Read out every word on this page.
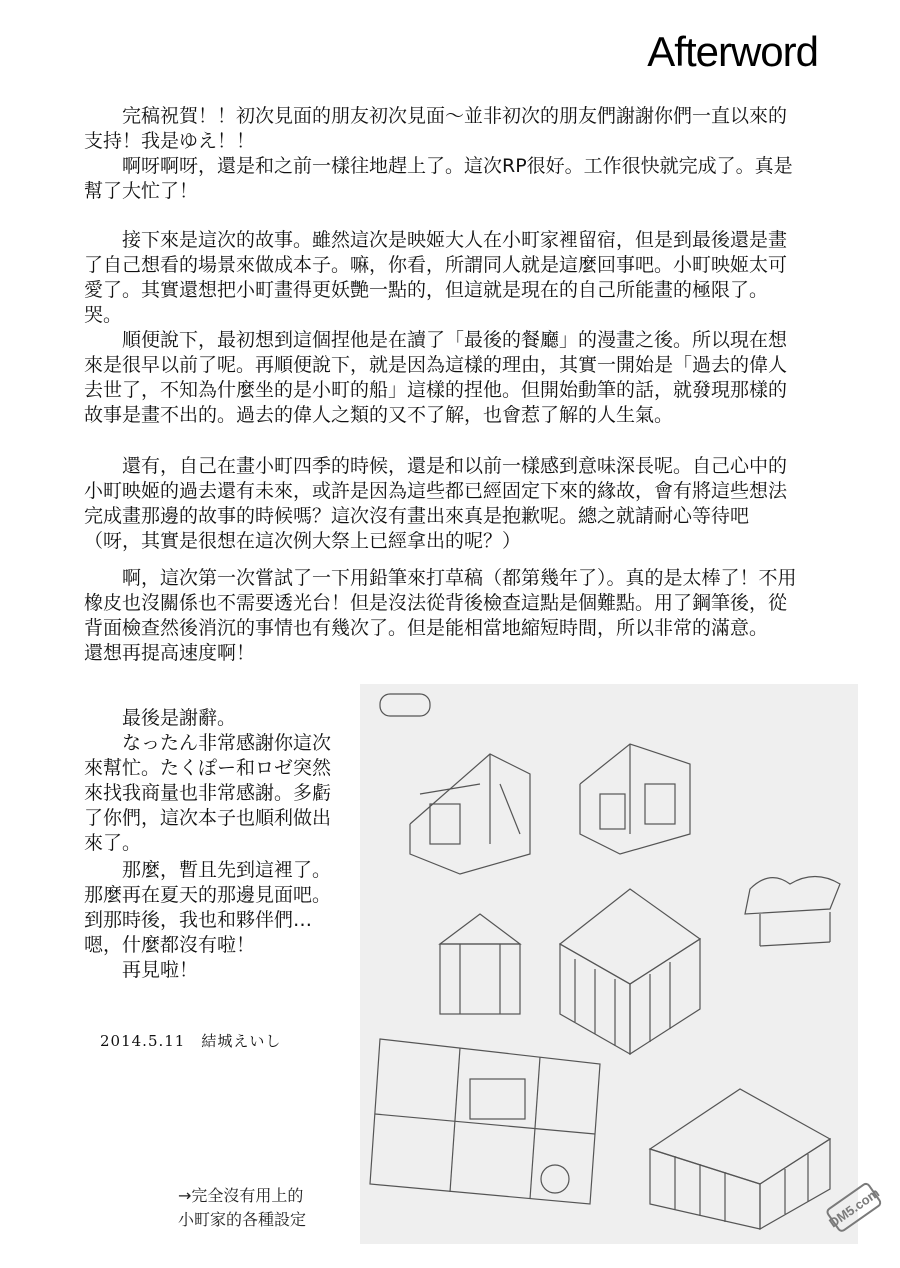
Afterword

　　完稿祝賀！！初次見面的朋友初次見面～並非初次的朋友們謝謝你們一直以來的支持！我是ゆえ！！
　　啊呀啊呀，還是和之前一樣往地趕上了。這次RP很好。工作很快就完成了。真是幫了大忙了！

　　接下來是這次的故事。雖然這次是映姬大人在小町家裡留宿，但是到最後還是畫了自己想看的場景來做成本子。嘛，你看，所謂同人就是這麼回事吧。小町映姬太可愛了。其實還想把小町畫得更妖艷一點的，但這就是現在的自己所能畫的極限了。哭。
　　順便說下，最初想到這個捏他是在讀了「最後的餐廳」的漫畫之後。所以現在想來是很早以前了呢。再順便說下，就是因為這樣的理由，其實一開始是「過去的偉人去世了，不知為什麼坐的是小町的船」這樣的捏他。但開始動筆的話，就發現那樣的故事是畫不出的。過去的偉人之類的又不了解，也會惹了解的人生氣。

　　還有，自己在畫小町四季的時候，還是和以前一樣感到意味深長呢。自己心中的小町映姬的過去還有未來，或許是因為這些都已經固定下來的緣故，會有將這些想法完成畫那邊的故事的時候嗎？這次沒有畫出來真是抱歉呢。總之就請耐心等待吧（呀，其實是很想在這次例大祭上已經拿出的呢？）

　　啊，這次第一次嘗試了一下用鉛筆來打草稿（都第幾年了）。真的是太棒了！不用橡皮也沒關係也不需要透光台！但是沒法從背後檢查這點是個難點。用了鋼筆後，從背面檢查然後消沉的事情也有幾次了。但是能相當地縮短時間，所以非常的滿意。
還想再提高速度啊！

　　最後是謝辭。
　　なったん非常感謝你這次來幫忙。たくぽー和ロゼ突然來找我商量也非常感謝。多虧了你們，這次本子也順利做出來了。

　　那麼，暫且先到這裡了。那麼再在夏天的那邊見面吧。到那時後，我也和夥伴們…嗯，什麼都沒有啦！
　　再見啦！

2014.5.11　結城えいし
→完全沒有用上的
小町家的各種設定	DM5.com
